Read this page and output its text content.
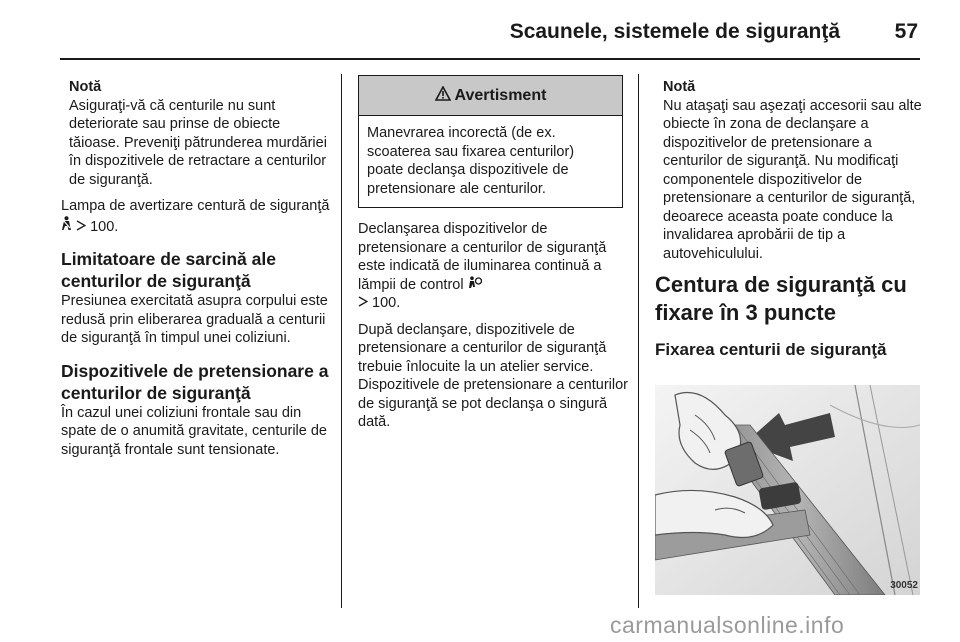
Scaunele, sistemele de siguranţă	57
Notă
Asiguraţi-vă că centurile nu sunt deteriorate sau prinse de obiecte tăioase. Preveniţi pătrunderea murdăriei în dispozitivele de retractare a centurilor de siguranţă.
Lampa de avertizare centură de siguranţă   100.
Limitatoare de sarcină ale centurilor de siguranţă
Presiunea exercitată asupra corpului este redusă prin eliberarea graduală a centurii de siguranţă în timpul unei coliziuni.
Dispozitivele de pretensionare a centurilor de siguranţă
În cazul unei coliziuni frontale sau din spate de o anumită gravitate, centurile de siguranţă frontale sunt tensionate.
Avertisment
Manevrarea incorectă (de ex. scoaterea sau fixarea centurilor) poate declanşa dispozitivele de pretensionare ale centurilor.
Declanşarea dispozitivelor de pretensionare a centurilor de siguranţă este indicată de iluminarea continuă a lămpii de control
100.
După declanşare, dispozitivele de pretensionare a centurilor de siguranţă trebuie înlocuite la un atelier service. Dispozitivele de pretensionare a centurilor de siguranţă se pot declanşa o singură dată.
Notă
Nu ataşaţi sau aşezaţi accesorii sau alte obiecte în zona de declanşare a dispozitivelor de pretensionare a centurilor de siguranţă. Nu modificaţi componentele dispozitivelor de pretensionare a centurilor de siguranţă, deoarece aceasta poate conduce la invalidarea aprobării de tip a autovehiculului.
Centura de siguranţă cu fixare în 3 puncte
Fixarea centurii de siguranţă
30052
carmanualsonline.info
